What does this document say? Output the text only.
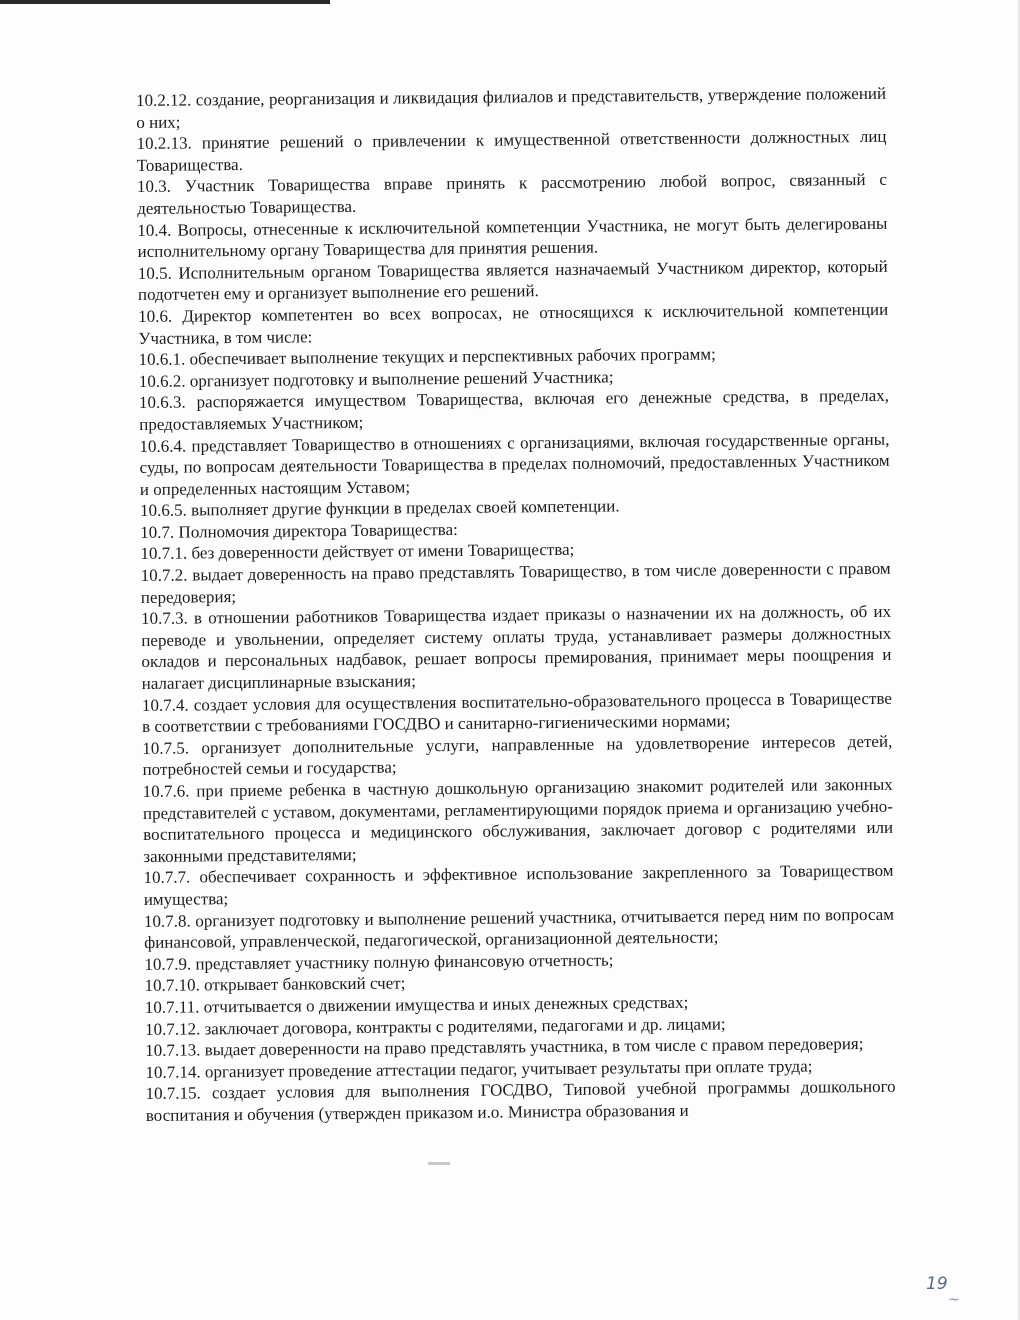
10.2.12. создание, реорганизация и ликвидация филиалов и представительств, утверждение положений о них;

10.2.13. принятие решений о привлечении к имущественной ответственности должностных лиц Товарищества.

10.3. Участник Товарищества вправе принять к рассмотрению любой вопрос, связанный с деятельностью Товарищества.

10.4. Вопросы, отнесенные к исключительной компетенции Участника, не могут быть делегированы исполнительному органу Товарищества для принятия решения.

10.5. Исполнительным органом Товарищества является назначаемый Участником директор, который подотчетен ему и организует выполнение его решений.

10.6. Директор компетентен во всех вопросах, не относящихся к исключительной компетенции Участника, в том числе:

10.6.1. обеспечивает выполнение текущих и перспективных рабочих программ;

10.6.2. организует подготовку и выполнение решений Участника;

10.6.3. распоряжается имуществом Товарищества, включая его денежные средства, в пределах, предоставляемых Участником;

10.6.4. представляет Товарищество в отношениях с организациями, включая государственные органы, суды, по вопросам деятельности Товарищества в пределах полномочий, предоставленных Участником и определенных настоящим Уставом;

10.6.5. выполняет другие функции в пределах своей компетенции.

10.7. Полномочия директора Товарищества:

10.7.1. без доверенности действует от имени Товарищества;

10.7.2. выдает доверенность на право представлять Товарищество, в том числе доверенности с правом передоверия;

10.7.3. в отношении работников Товарищества издает приказы о назначении их на должность, об их переводе и увольнении, определяет систему оплаты труда, устанавливает размеры должностных окладов и персональных надбавок, решает вопросы премирования, принимает меры поощрения и налагает дисциплинарные взыскания;

10.7.4. создает условия для осуществления воспитательно-образовательного процесса в Товариществе в соответствии с требованиями ГОСДВО и санитарно-гигиеническими нормами;

10.7.5. организует дополнительные услуги, направленные на удовлетворение интересов детей, потребностей семьи и государства;

10.7.6. при приеме ребенка в частную дошкольную организацию знакомит родителей или законных представителей с уставом, документами, регламентирующими порядок приема и организацию учебно-воспитательного процесса и медицинского обслуживания, заключает договор с родителями или законными представителями;

10.7.7. обеспечивает сохранность и эффективное использование закрепленного за Товариществом имущества;

10.7.8. организует подготовку и выполнение решений участника, отчитывается перед ним по вопросам финансовой, управленческой, педагогической, организационной деятельности;

10.7.9. представляет участнику полную финансовую отчетность;

10.7.10. открывает банковский счет;

10.7.11. отчитывается о движении имущества и иных денежных средствах;

10.7.12. заключает договора, контракты с родителями, педагогами и др. лицами;

10.7.13. выдает доверенности на право представлять участника, в том числе с правом передоверия;

10.7.14. организует проведение аттестации педагог, учитывает результаты при оплате труда;

10.7.15. создает условия для выполнения ГОСДВО, Типовой учебной программы дошкольного воспитания и обучения (утвержден приказом и.о. Министра образования и

19
~
